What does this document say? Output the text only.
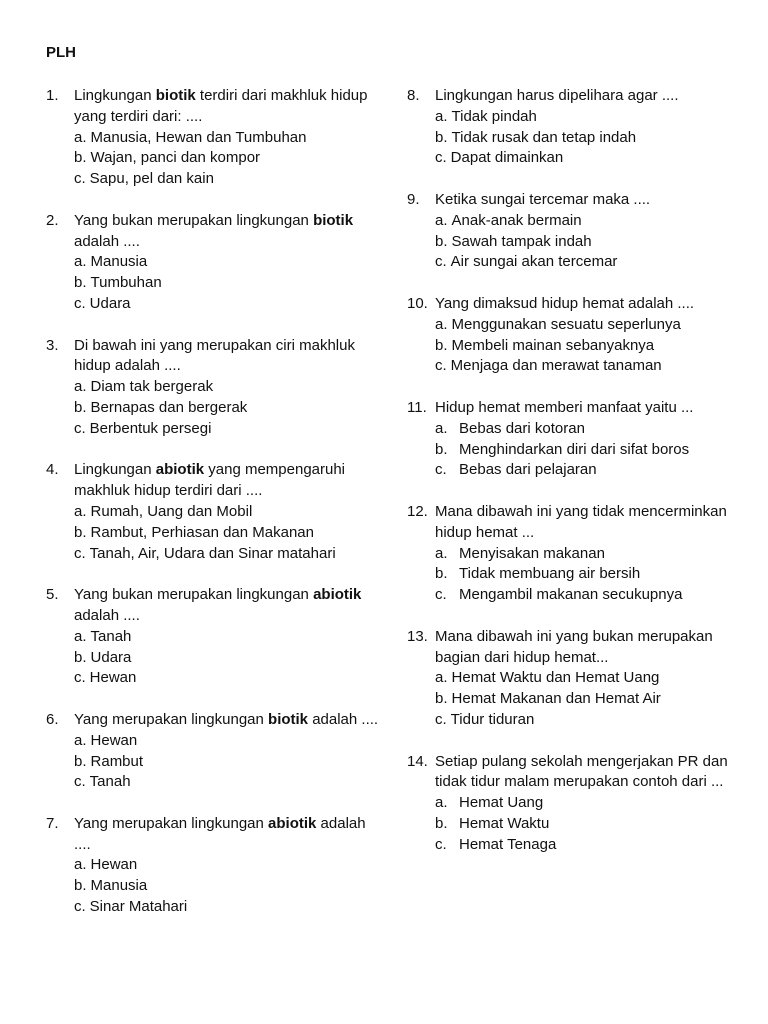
PLH
1.	Lingkungan biotik terdiri dari makhluk hidup yang terdiri dari: ....
a. Manusia, Hewan dan Tumbuhan
b. Wajan, panci dan kompor
c. Sapu, pel dan kain
2.	Yang bukan merupakan lingkungan biotik adalah ....
a. Manusia
b. Tumbuhan
c. Udara
3.	Di bawah ini yang merupakan ciri makhluk hidup adalah ....
a. Diam tak bergerak
b. Bernapas dan bergerak
c. Berbentuk persegi
4.	Lingkungan abiotik yang mempengaruhi makhluk hidup terdiri dari ....
a. Rumah, Uang dan Mobil
b. Rambut, Perhiasan dan Makanan
c. Tanah, Air, Udara dan Sinar matahari
5.	Yang bukan merupakan lingkungan abiotik adalah ....
a. Tanah
b. Udara
c. Hewan
6.	Yang merupakan lingkungan biotik adalah ....
a. Hewan
b. Rambut
c. Tanah
7.	Yang merupakan lingkungan abiotik adalah ....
a. Hewan
b. Manusia
c. Sinar Matahari
8.	Lingkungan harus dipelihara agar ....
a. Tidak pindah
b. Tidak rusak dan tetap indah
c. Dapat dimainkan
9.	Ketika sungai tercemar maka ....
a. Anak-anak bermain
b. Sawah tampak indah
c. Air sungai akan tercemar
10. Yang dimaksud hidup hemat adalah ....
a. Menggunakan sesuatu seperlunya
b. Membeli mainan sebanyaknya
c. Menjaga dan merawat tanaman
11. Hidup hemat memberi manfaat yaitu ...
a. Bebas dari kotoran
b. Menghindarkan diri dari sifat boros
c. Bebas dari pelajaran
12. Mana dibawah ini yang tidak mencerminkan hidup hemat ...
a. Menyisakan makanan
b. Tidak membuang air bersih
c. Mengambil makanan secukupnya
13. Mana dibawah ini yang bukan merupakan bagian dari hidup hemat...
a. Hemat Waktu dan Hemat Uang
b. Hemat Makanan dan Hemat Air
c. Tidur tiduran
14. Setiap pulang sekolah mengerjakan PR dan tidak tidur malam merupakan contoh dari ...
a. Hemat Uang
b. Hemat Waktu
c. Hemat Tenaga
